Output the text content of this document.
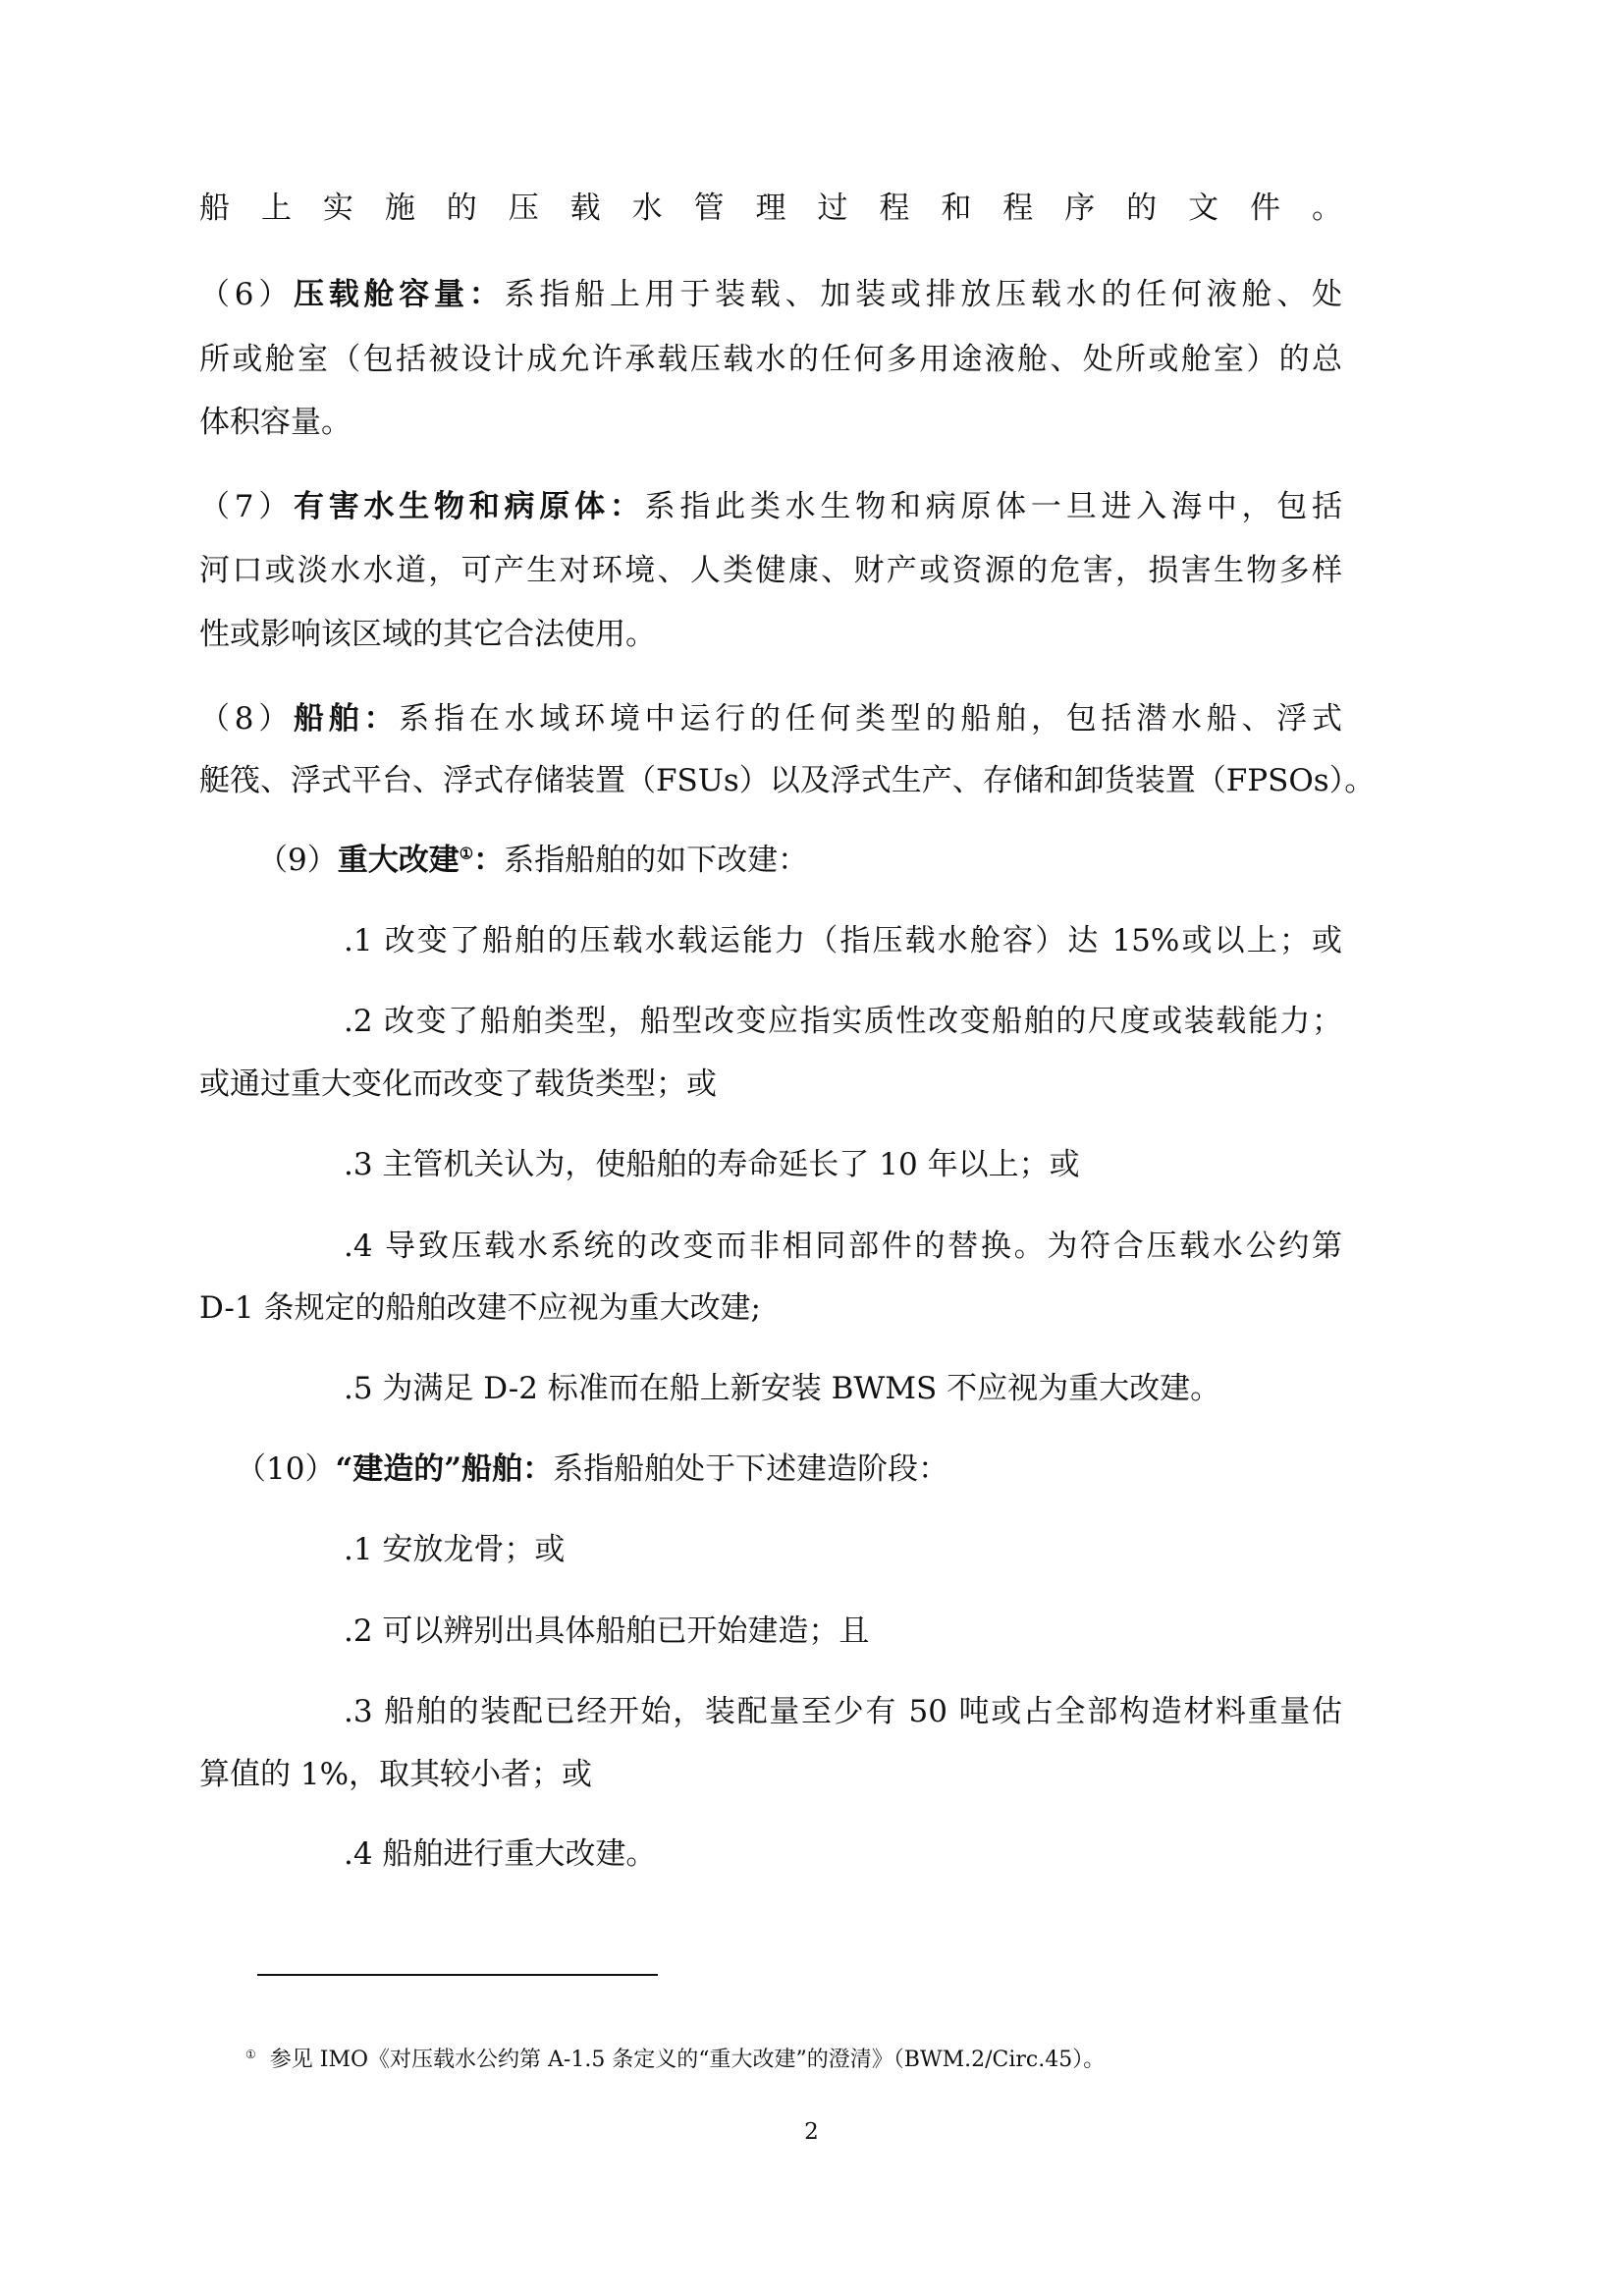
船上实施的压载水管理过程和程序的文件。
（6）压载舱容量：系指船上用于装载、加装或排放压载水的任何液舱、处
所或舱室（包括被设计成允许承载压载水的任何多用途液舱、处所或舱室）的总
体积容量。
（7）有害水生物和病原体：系指此类水生物和病原体一旦进入海中，包括
河口或淡水水道，可产生对环境、人类健康、财产或资源的危害，损害生物多样
性或影响该区域的其它合法使用。
（8）船舶：系指在水域环境中运行的任何类型的船舶，包括潜水船、浮式
艇筏、浮式平台、浮式存储装置（FSUs）以及浮式生产、存储和卸货装置（FPSOs）。
（9）重大改建①：系指船舶的如下改建：
.1 改变了船舶的压载水载运能力（指压载水舱容）达 15%或以上；或
.2 改变了船舶类型，船型改变应指实质性改变船舶的尺度或装载能力；
或通过重大变化而改变了载货类型；或
.3 主管机关认为，使船舶的寿命延长了 10 年以上；或
.4 导致压载水系统的改变而非相同部件的替换。为符合压载水公约第
D-1 条规定的船舶改建不应视为重大改建;
.5 为满足 D-2 标准而在船上新安装 BWMS 不应视为重大改建。
（10）“建造的”船舶：系指船舶处于下述建造阶段：
.1 安放龙骨；或
.2 可以辨别出具体船舶已开始建造；且
.3 船舶的装配已经开始，装配量至少有 50 吨或占全部构造材料重量估
算值的 1%，取其较小者；或
.4 船舶进行重大改建。
① 参见 IMO《对压载水公约第 A-1.5 条定义的“重大改建”的澄清》（BWM.2/Circ.45）。
2
